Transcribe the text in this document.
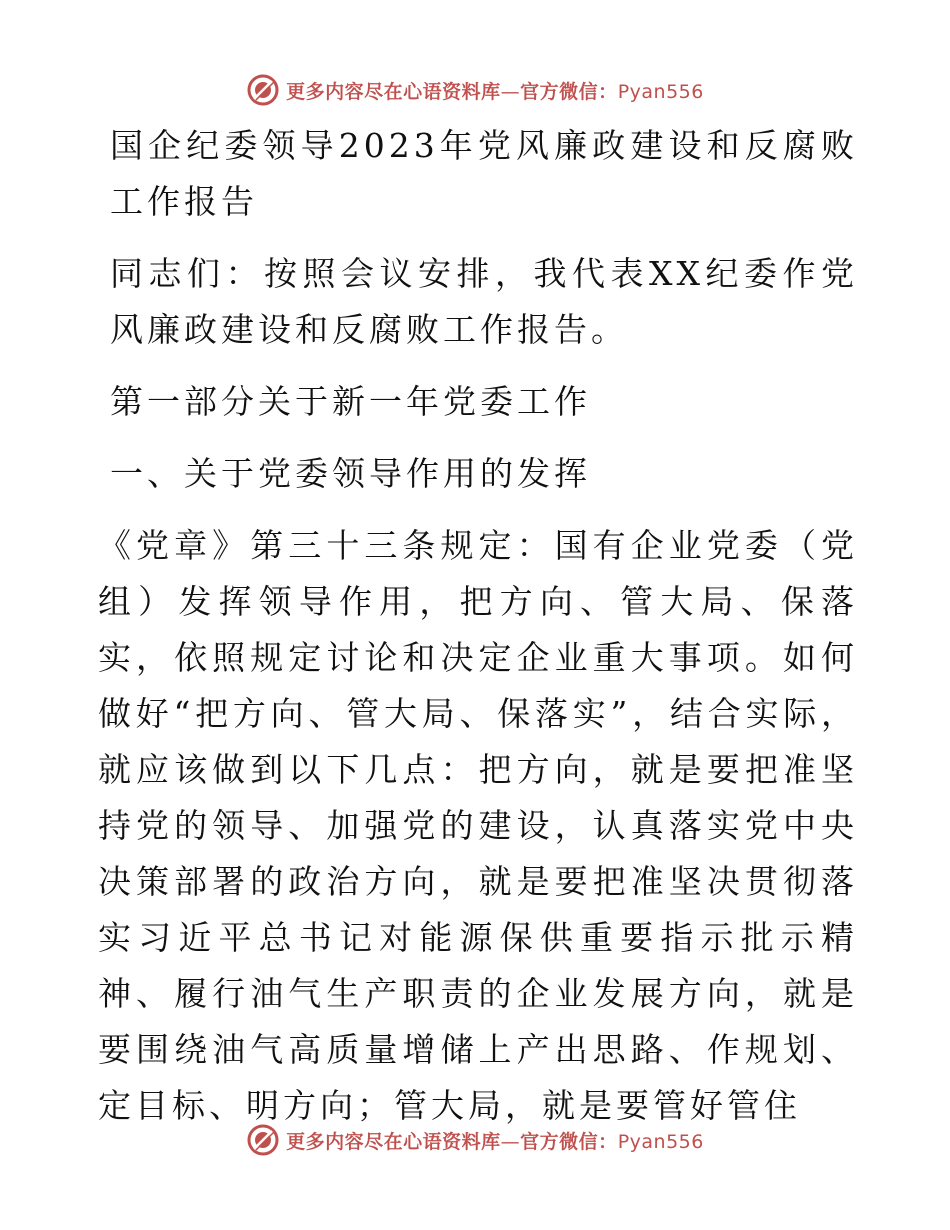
更多内容尽在心语资料库—官方微信：Pyan556

国企纪委领导2023年党风廉政建设和反腐败工作报告

同志们：按照会议安排，我代表XX纪委作党风廉政建设和反腐败工作报告。

第一部分关于新一年党委工作

一、关于党委领导作用的发挥

《党章》第三十三条规定：国有企业党委（党组）发挥领导作用，把方向、管大局、保落实，依照规定讨论和决定企业重大事项。如何做好“把方向、管大局、保落实”，结合实际，就应该做到以下几点：把方向，就是要把准坚持党的领导、加强党的建设，认真落实党中央决策部署的政治方向，就是要把准坚决贯彻落实习近平总书记对能源保供重要指示批示精神、履行油气生产职责的企业发展方向，就是要围绕油气高质量增储上产出思路、作规划、定目标、明方向；管大局，就是要管好管住

更多内容尽在心语资料库—官方微信：Pyan556
